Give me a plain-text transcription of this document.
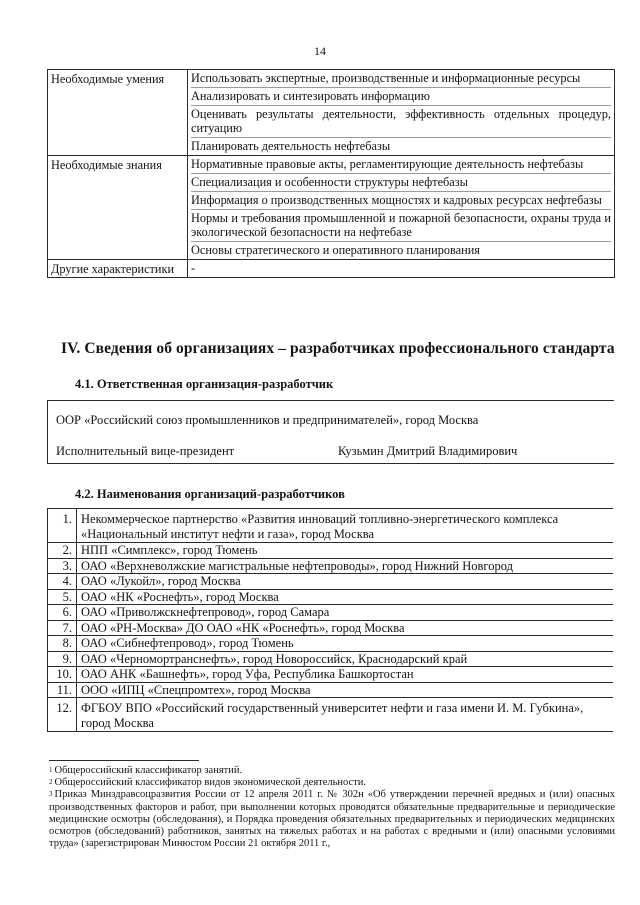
14
Необходимые умения	Использовать экспертные, производственные и информационные ресурсы
Анализировать и синтезировать информацию
Оценивать результаты деятельности, эффективность отдельных процедур, ситуацию
Планировать деятельность нефтебазы

Необходимые знания	Нормативные правовые акты, регламентирующие деятельность нефтебазы
Специализация и особенности структуры нефтебазы
Информация о производственных мощностях и кадровых ресурсах нефтебазы
Нормы и требования промышленной и пожарной безопасности, охраны труда и экологической безопасности на нефтебазе
Основы стратегического и оперативного планирования

Другие характеристики	-
IV. Сведения об организациях – разработчиках профессионального стандарта
4.1. Ответственная организация-разработчик
ООР «Российский союз промышленников и предпринимателей», город Москва
Исполнительный вице-президент	Кузьмин Дмитрий Владимирович
4.2. Наименования организаций-разработчиков
1.	Некоммерческое партнерство «Развития инноваций топливно-энергетического комплекса «Национальный институт нефти и газа», город Москва
2.	НПП «Симплекс», город Тюмень
3.	ОАО «Верхневолжские магистральные нефтепроводы», город Нижний Новгород
4.	ОАО «Лукойл», город Москва
5.	ОАО «НК «Роснефть», город Москва
6.	ОАО «Приволжскнефтепровод», город Самара
7.	ОАО «РН-Москва» ДО ОАО «НК «Роснефть», город Москва
8.	ОАО «Сибнефтепровод», город Тюмень
9.	ОАО «Черномортранснефть», город Новороссийск, Краснодарский край
10.	ОАО АНК «Башнефть», город Уфа, Республика Башкортостан
11.	ООО «ИПЦ «Спецпромтех», город Москва
12.	ФГБОУ ВПО «Российский государственный университет нефти и газа имени И. М. Губкина», город Москва
$^1$ Общероссийский классификатор занятий.
$^2$ Общероссийский классификатор видов экономической деятельности.
$^3$ Приказ Минздравсоцразвития России от 12 апреля 2011 г. № 302н «Об утверждении перечней вредных и (или) опасных производственных факторов и работ, при выполнении которых проводятся обязательные предварительные и периодические медицинские осмотры (обследования), и Порядка проведения обязательных предварительных и периодических медицинских осмотров (обследований) работников, занятых на тяжелых работах и на работах с вредными и (или) опасными условиями труда» (зарегистрирован Минюстом России 21 октября 2011 г.,
